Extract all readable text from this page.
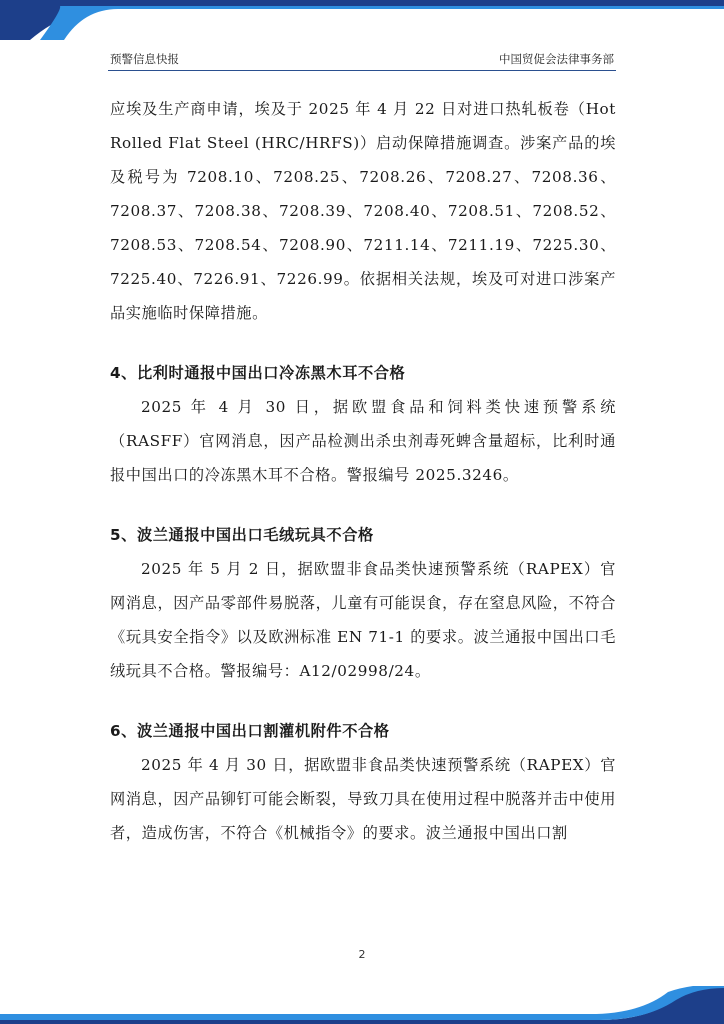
预警信息快报	中国贸促会法律事务部

应埃及生产商申请，埃及于 2025 年 4 月 22 日对进口热轧板卷（Hot Rolled Flat Steel (HRC/HRFS)）启动保障措施调查。涉案产品的埃及税号为 7208.10、7208.25、7208.26、7208.27、7208.36、7208.37、7208.38、7208.39、7208.40、7208.51、7208.52、7208.53、7208.54、7208.90、7211.14、7211.19、7225.30、7225.40、7226.91、7226.99。依据相关法规，埃及可对进口涉案产品实施临时保障措施。

4、比利时通报中国出口冷冻黑木耳不合格

2025 年 4 月 30 日，据欧盟食品和饲料类快速预警系统（RASFF）官网消息，因产品检测出杀虫剂毒死蜱含量超标，比利时通报中国出口的冷冻黑木耳不合格。警报编号 2025.3246。

5、波兰通报中国出口毛绒玩具不合格

2025 年 5 月 2 日，据欧盟非食品类快速预警系统（RAPEX）官网消息，因产品零部件易脱落，儿童有可能误食，存在窒息风险，不符合《玩具安全指令》以及欧洲标准 EN 71-1 的要求。波兰通报中国出口毛绒玩具不合格。警报编号：A12/02998/24。

6、波兰通报中国出口割灌机附件不合格

2025 年 4 月 30 日，据欧盟非食品类快速预警系统（RAPEX）官网消息，因产品铆钉可能会断裂，导致刀具在使用过程中脱落并击中使用者，造成伤害，不符合《机械指令》的要求。波兰通报中国出口割

2
